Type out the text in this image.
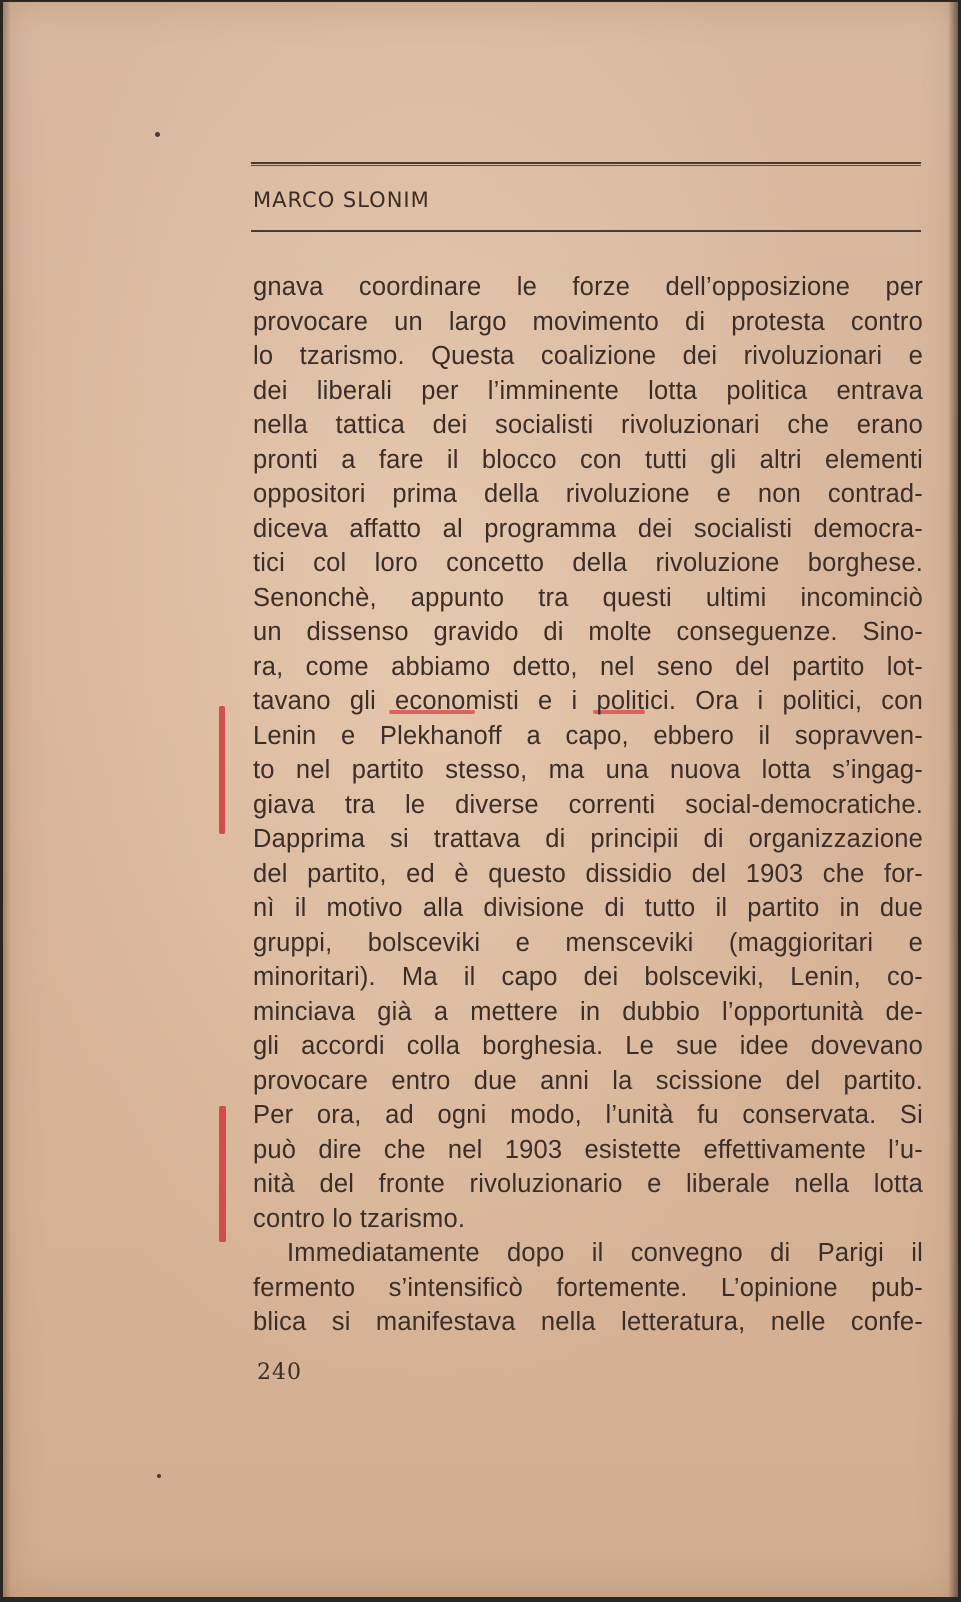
MARCO SLONIM
gnava coordinare le forze dell’opposizione per
provocare un largo movimento di protesta contro
lo tzarismo. Questa coalizione dei rivoluzionari e
dei liberali per l’imminente lotta politica entrava
nella tattica dei socialisti rivoluzionari che erano
pronti a fare il blocco con tutti gli altri elementi
oppositori prima della rivoluzione e non contrad-
diceva affatto al programma dei socialisti democra-
tici col loro concetto della rivoluzione borghese.
Senonchè, appunto tra questi ultimi incominciò
un dissenso gravido di molte conseguenze. Sino-
ra, come abbiamo detto, nel seno del partito lot-
tavano gli economisti e i politici. Ora i politici, con
Lenin e Plekhanoff a capo, ebbero il sopravven-
to nel partito stesso, ma una nuova lotta s’ingag-
giava tra le diverse correnti social-democratiche.
Dapprima si trattava di principii di organizzazione
del partito, ed è questo dissidio del 1903 che for-
nì il motivo alla divisione di tutto il partito in due
gruppi, bolsceviki e mensceviki (maggioritari e
minoritari). Ma il capo dei bolsceviki, Lenin, co-
minciava già a mettere in dubbio l’opportunità de-
gli accordi colla borghesia. Le sue idee dovevano
provocare entro due anni la scissione del partito.
Per ora, ad ogni modo, l’unità fu conservata. Si
può dire che nel 1903 esistette effettivamente l’u-
nità del fronte rivoluzionario e liberale nella lotta
contro lo tzarismo.
Immediatamente dopo il convegno di Parigi il
fermento s’intensificò fortemente. L’opinione pub-
blica si manifestava nella letteratura, nelle confe-
240
